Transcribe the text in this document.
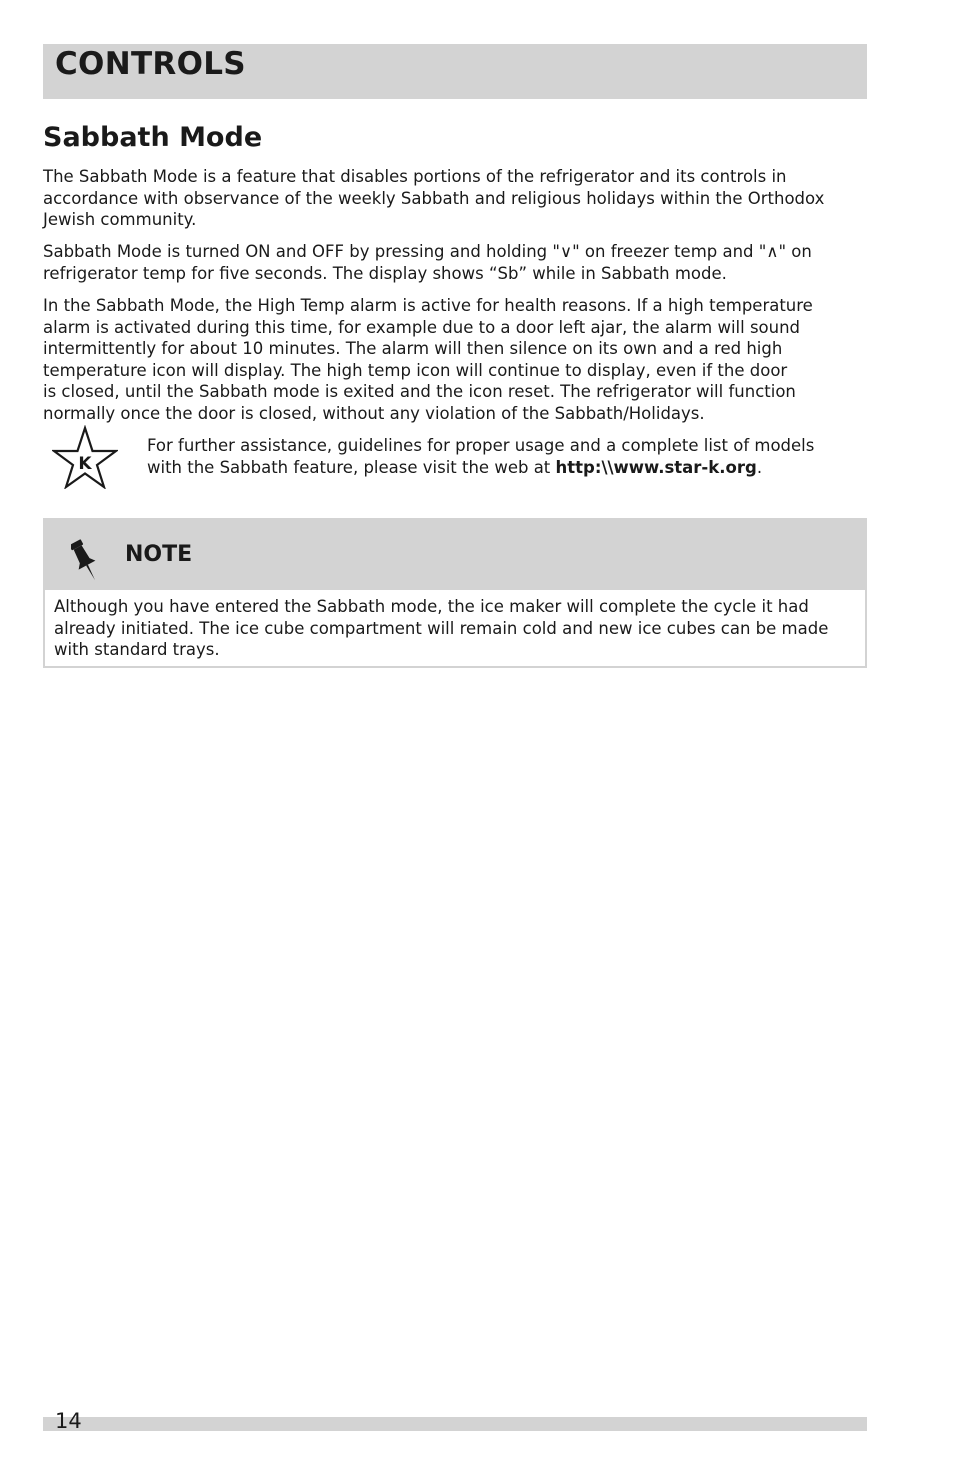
CONTROLS
Sabbath Mode
The Sabbath Mode is a feature that disables portions of the refrigerator and its controls in
accordance with observance of the weekly Sabbath and religious holidays within the Orthodox
Jewish community.
Sabbath Mode is turned ON and OFF by pressing and holding "∨" on freezer temp and "∧" on
refrigerator temp for five seconds. The display shows “Sb” while in Sabbath mode.
In the Sabbath Mode, the High Temp alarm is active for health reasons. If a high temperature
alarm is activated during this time, for example due to a door left ajar, the alarm will sound
intermittently for about 10 minutes. The alarm will then silence on its own and a red high
temperature icon will display. The high temp icon will continue to display, even if the door
is closed, until the Sabbath mode is exited and the icon reset. The refrigerator will function
normally once the door is closed, without any violation of the Sabbath/Holidays.
K
For further assistance, guidelines for proper usage and a complete list of models
with the Sabbath feature, please visit the web at http:\\www.star-k.org.
NOTE
Although you have entered the Sabbath mode, the ice maker will complete the cycle it had
already initiated. The ice cube compartment will remain cold and new ice cubes can be made
with standard trays.
14
